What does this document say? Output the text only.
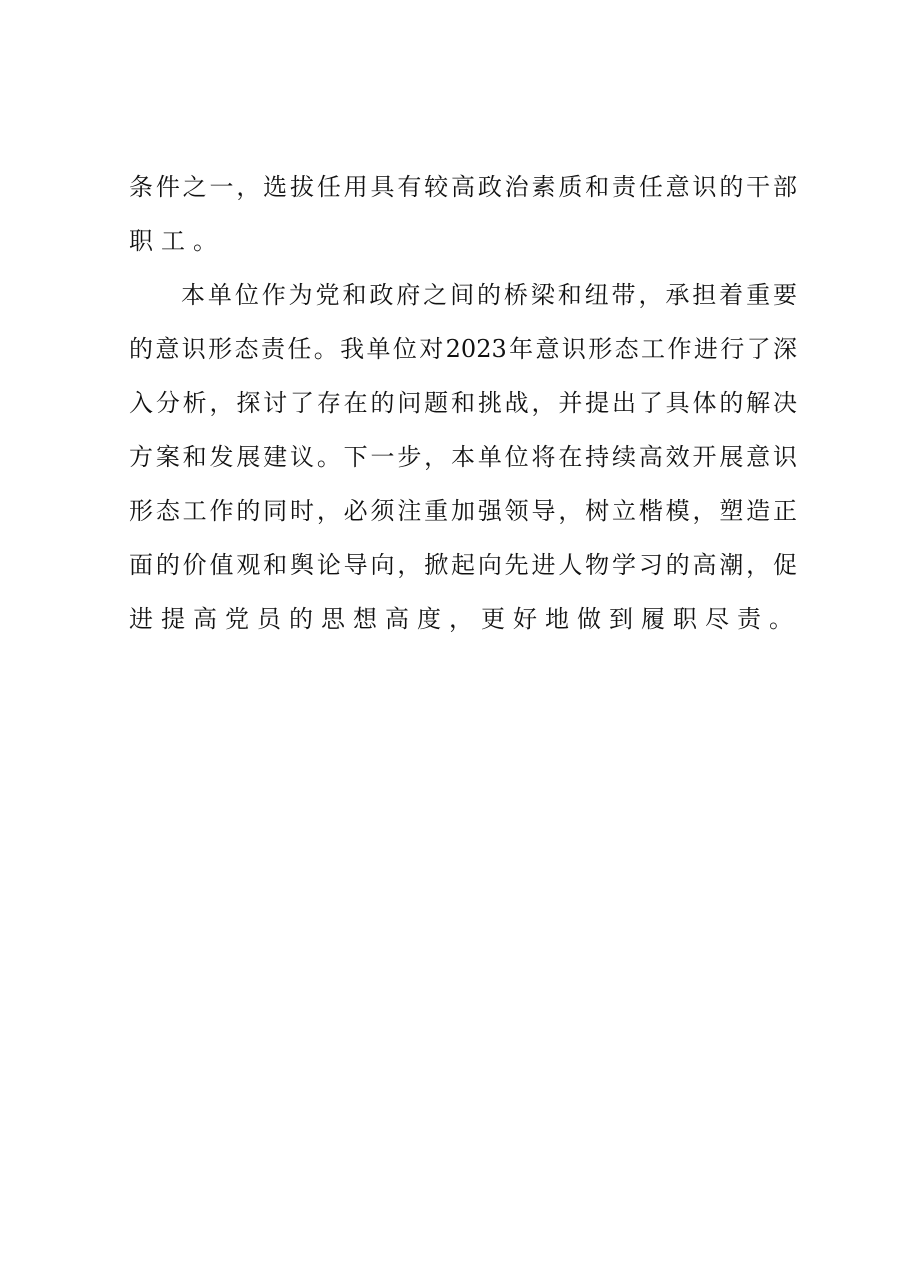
条件之一，选拔任用具有较高政治素质和责任意识的干部
职工。
本单位作为党和政府之间的桥梁和纽带，承担着重要
的意识形态责任。我单位对2023年意识形态工作进行了深
入分析，探讨了存在的问题和挑战，并提出了具体的解决
方案和发展建议。下一步，本单位将在持续高效开展意识
形态工作的同时，必须注重加强领导，树立楷模，塑造正
面的价值观和舆论导向，掀起向先进人物学习的高潮，促
进提高党员的思想高度，更好地做到履职尽责。
